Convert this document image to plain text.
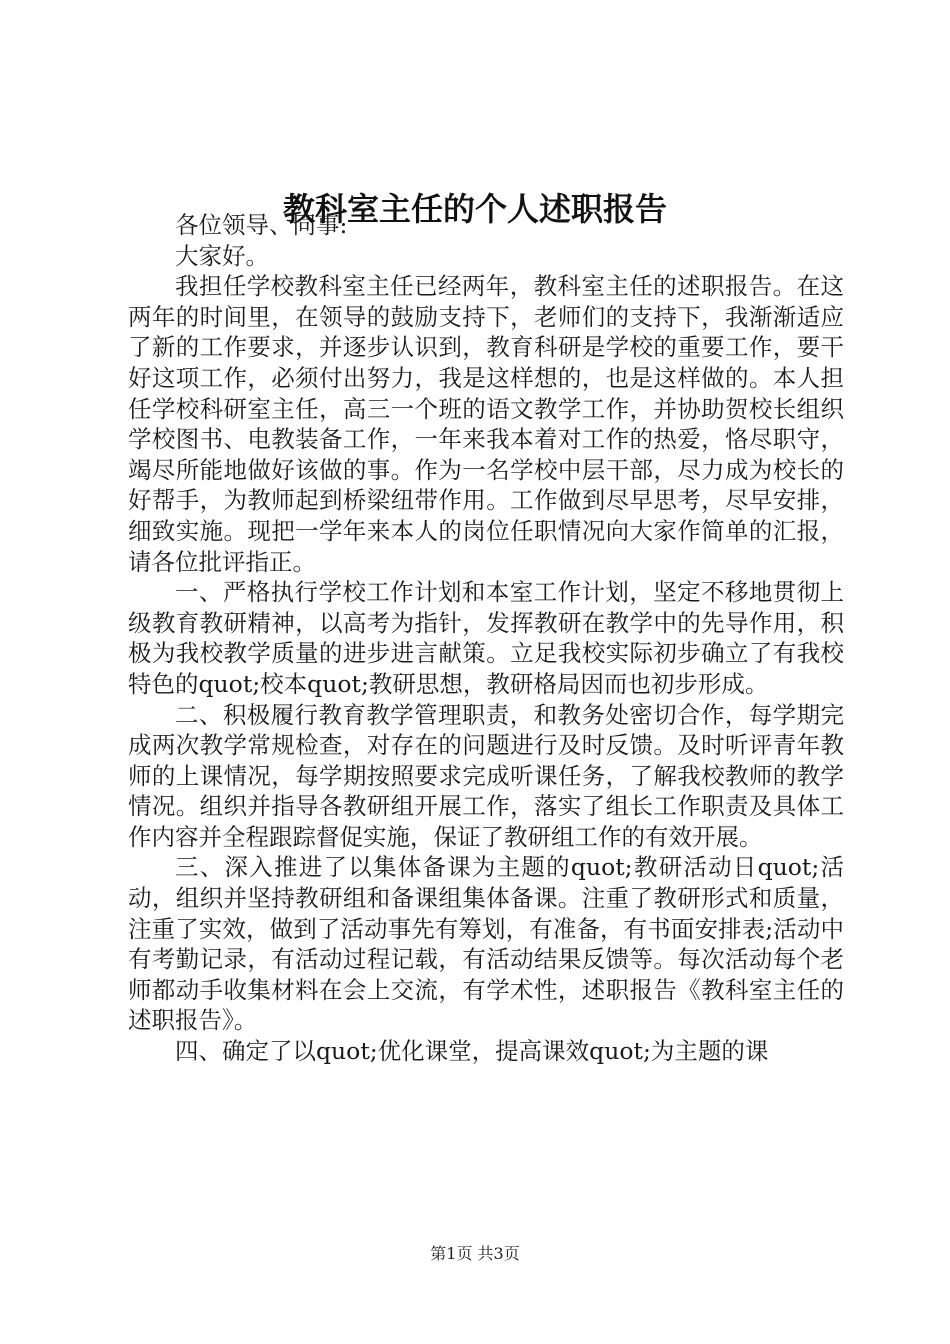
教科室主任的个人述职报告

各位领导、同事:

大家好。

我担任学校教科室主任已经两年，教科室主任的述职报告。在这两年的时间里，在领导的鼓励支持下，老师们的支持下，我渐渐适应了新的工作要求，并逐步认识到，教育科研是学校的重要工作，要干好这项工作，必须付出努力，我是这样想的，也是这样做的。本人担任学校科研室主任，高三一个班的语文教学工作，并协助贺校长组织学校图书、电教装备工作，一年来我本着对工作的热爱，恪尽职守，竭尽所能地做好该做的事。作为一名学校中层干部，尽力成为校长的好帮手，为教师起到桥梁纽带作用。工作做到尽早思考，尽早安排，细致实施。现把一学年来本人的岗位任职情况向大家作简单的汇报，请各位批评指正。

一、严格执行学校工作计划和本室工作计划，坚定不移地贯彻上级教育教研精神，以高考为指针，发挥教研在教学中的先导作用，积极为我校教学质量的进步进言献策。立足我校实际初步确立了有我校特色的quot;校本quot;教研思想，教研格局因而也初步形成。

二、积极履行教育教学管理职责，和教务处密切合作，每学期完成两次教学常规检查，对存在的问题进行及时反馈。及时听评青年教师的上课情况，每学期按照要求完成听课任务，了解我校教师的教学情况。组织并指导各教研组开展工作，落实了组长工作职责及具体工作内容并全程跟踪督促实施，保证了教研组工作的有效开展。

三、深入推进了以集体备课为主题的quot;教研活动日quot;活动，组织并坚持教研组和备课组集体备课。注重了教研形式和质量，注重了实效，做到了活动事先有筹划，有准备，有书面安排表;活动中有考勤记录，有活动过程记载，有活动结果反馈等。每次活动每个老师都动手收集材料在会上交流，有学术性，述职报告《教科室主任的述职报告》。

四、确定了以quot;优化课堂，提高课效quot;为主题的课

第1页 共3页
